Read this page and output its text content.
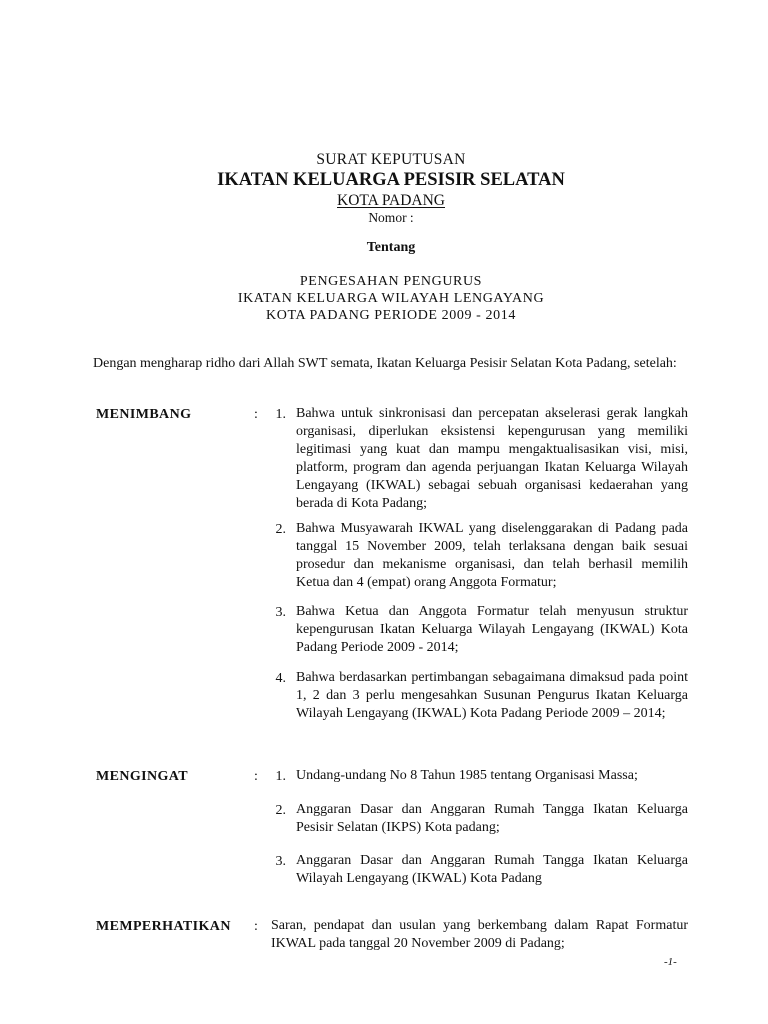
SURAT KEPUTUSAN
IKATAN KELUARGA PESISIR SELATAN
KOTA PADANG
Nomor :
Tentang
PENGESAHAN PENGURUS
IKATAN KELUARGA WILAYAH LENGAYANG
KOTA PADANG PERIODE 2009 - 2014
Dengan mengharap ridho dari Allah SWT semata, Ikatan Keluarga Pesisir Selatan Kota Padang, setelah:
MENIMBANG	:	1. Bahwa untuk sinkronisasi dan percepatan akselerasi gerak langkah organisasi, diperlukan eksistensi kepengurusan yang memiliki legitimasi yang kuat dan mampu mengaktualisasikan visi, misi, platform, program dan agenda perjuangan Ikatan Keluarga Wilayah Lengayang (IKWAL) sebagai sebuah organisasi kedaerahan yang berada di Kota Padang;
2. Bahwa Musyawarah IKWAL yang diselenggarakan di Padang pada tanggal 15 November 2009, telah terlaksana dengan baik sesuai prosedur dan mekanisme organisasi, dan telah berhasil memilih Ketua dan 4 (empat) orang Anggota Formatur;
3. Bahwa Ketua dan Anggota Formatur telah menyusun struktur kepengurusan Ikatan Keluarga Wilayah Lengayang (IKWAL) Kota Padang Periode 2009 - 2014;
4. Bahwa berdasarkan pertimbangan sebagaimana dimaksud pada point 1, 2 dan 3 perlu mengesahkan Susunan Pengurus Ikatan Keluarga Wilayah Lengayang (IKWAL) Kota Padang Periode 2009 – 2014;
MENGINGAT	:	1. Undang-undang No 8 Tahun 1985 tentang Organisasi Massa;
2. Anggaran Dasar dan Anggaran Rumah Tangga Ikatan Keluarga Pesisir Selatan (IKPS) Kota padang;
3. Anggaran Dasar dan Anggaran Rumah Tangga Ikatan Keluarga Wilayah Lengayang (IKWAL) Kota Padang
MEMPERHATIKAN : Saran, pendapat dan usulan yang berkembang dalam Rapat Formatur IKWAL pada tanggal 20 November 2009 di Padang;
-1-
